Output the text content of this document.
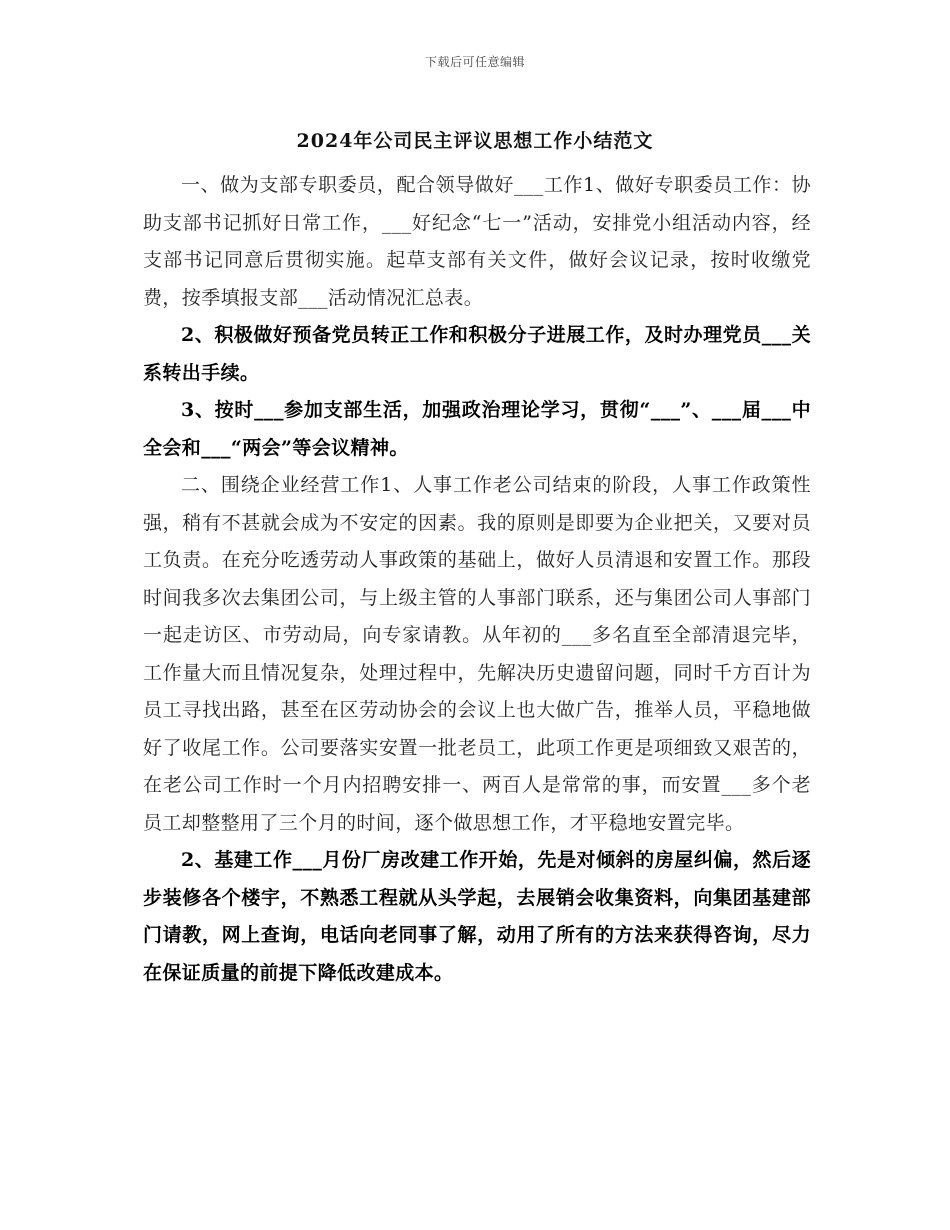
下载后可任意编辑
2024年公司民主评议思想工作小结范文

一、做为支部专职委员，配合领导做好___工作1、做好专职委员工作：协助支部书记抓好日常工作，___好纪念“七一”活动，安排党小组活动内容，经支部书记同意后贯彻实施。起草支部有关文件，做好会议记录，按时收缴党费，按季填报支部___活动情况汇总表。

2、积极做好预备党员转正工作和积极分子进展工作，及时办理党员___关系转出手续。

3、按时___参加支部生活，加强政治理论学习，贯彻“___”、___届___中全会和___“两会”等会议精神。

二、围绕企业经营工作1、人事工作老公司结束的阶段，人事工作政策性强，稍有不甚就会成为不安定的因素。我的原则是即要为企业把关，又要对员工负责。在充分吃透劳动人事政策的基础上，做好人员清退和安置工作。那段时间我多次去集团公司，与上级主管的人事部门联系，还与集团公司人事部门一起走访区、市劳动局，向专家请教。从年初的___多名直至全部清退完毕，工作量大而且情况复杂，处理过程中，先解决历史遗留问题，同时千方百计为员工寻找出路，甚至在区劳动协会的会议上也大做广告，推举人员，平稳地做好了收尾工作。公司要落实安置一批老员工，此项工作更是项细致又艰苦的，在老公司工作时一个月内招聘安排一、两百人是常常的事，而安置___多个老员工却整整用了三个月的时间，逐个做思想工作，才平稳地安置完毕。

2、基建工作___月份厂房改建工作开始，先是对倾斜的房屋纠偏，然后逐步装修各个楼宇，不熟悉工程就从头学起，去展销会收集资料，向集团基建部门请教，网上查询，电话向老同事了解，动用了所有的方法来获得咨询，尽力在保证质量的前提下降低改建成本。
